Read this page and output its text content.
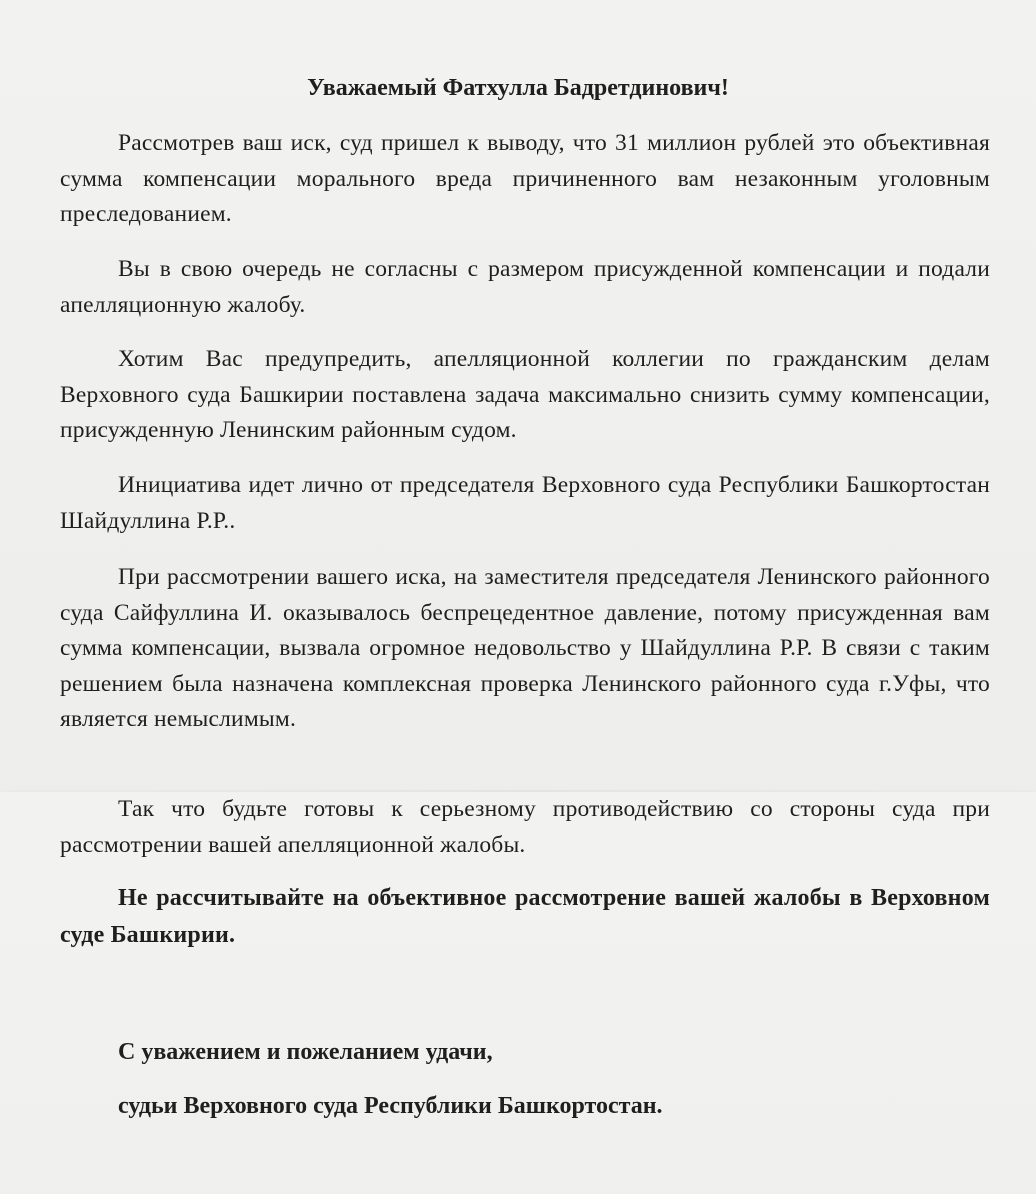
Уважаемый Фатхулла Бадретдинович!

Рассмотрев ваш иск, суд пришел к выводу, что 31 миллион рублей это объективная сумма компенсации морального вреда причиненного вам незаконным уголовным преследованием.

Вы в свою очередь не согласны с размером присужденной компенсации и подали апелляционную жалобу.

Хотим Вас предупредить, апелляционной коллегии по гражданским делам Верховного суда Башкирии поставлена задача максимально снизить сумму компенсации, присужденную Ленинским районным судом.

Инициатива идет лично от председателя Верховного суда Республики Башкортостан Шайдуллина Р.Р..

При рассмотрении вашего иска, на заместителя председателя Ленинского районного суда Сайфуллина И. оказывалось беспрецедентное давление, потому присужденная вам сумма компенсации, вызвала огромное недовольство у Шайдуллина Р.Р. В связи с таким решением была назначена комплексная проверка Ленинского районного суда г.Уфы, что является немыслимым.

Так что будьте готовы к серьезному противодействию со стороны суда при рассмотрении вашей апелляционной жалобы.

Не рассчитывайте на объективное рассмотрение вашей жалобы в Верховном суде Башкирии.

С уважением и пожеланием удачи,

судьи Верховного суда Республики Башкортостан.
